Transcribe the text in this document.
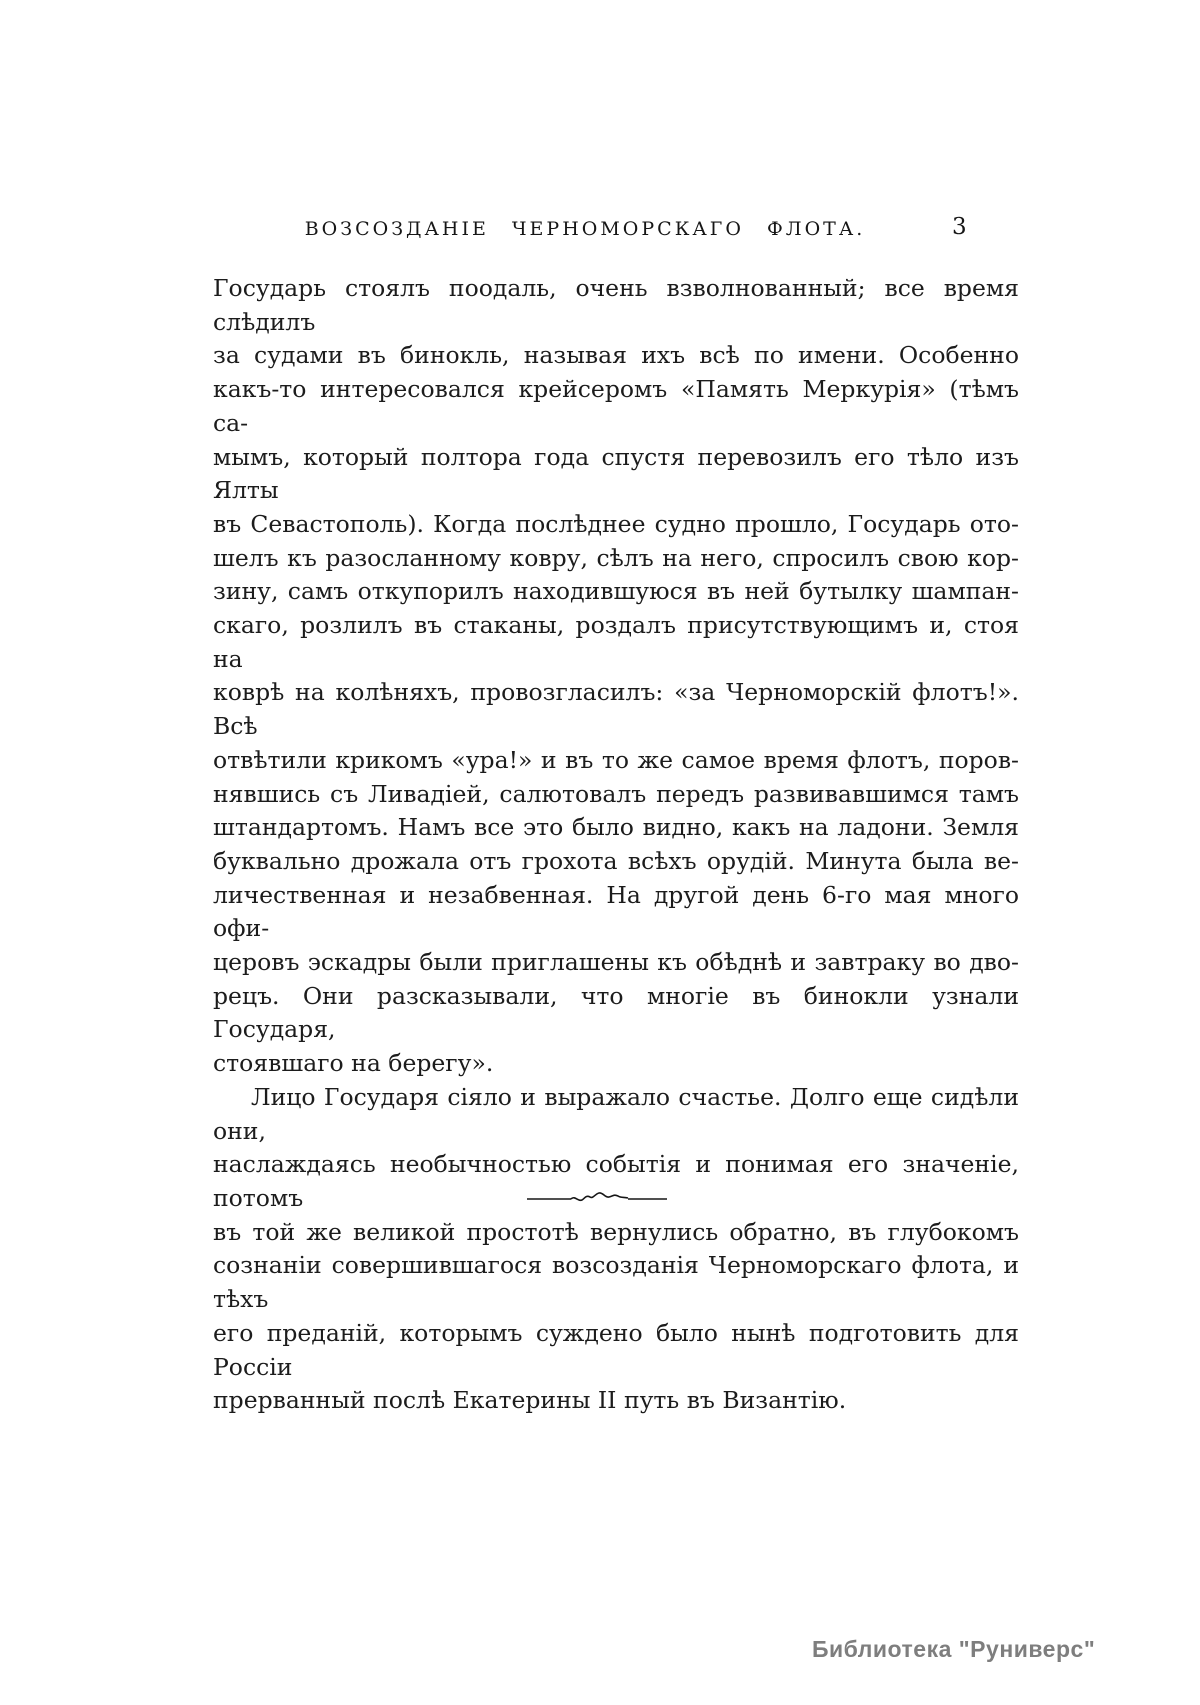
ВОЗСОЗДАНІЕ ЧЕРНОМОРСКАГО ФЛОТА.	3
Государь стоялъ поодаль, очень взволнованный; все время слѣдилъ
за судами въ бинокль, называя ихъ всѣ по имени. Особенно
какъ-то интересовался крейсеромъ «Память Меркурія» (тѣмъ са-
мымъ, который полтора года спустя перевозилъ его тѣло изъ Ялты
въ Севастополь). Когда послѣднее судно прошло, Государь ото-
шелъ къ разосланному ковру, сѣлъ на него, спросилъ свою кор-
зину, самъ откупорилъ находившуюся въ ней бутылку шампан-
скаго, розлилъ въ стаканы, роздалъ присутствующимъ и, стоя на
коврѣ на колѣняхъ, провозгласилъ: «за Черноморскій флотъ!». Всѣ
отвѣтили крикомъ «ура!» и въ то же самое время флотъ, поров-
нявшись съ Ливадіей, салютовалъ передъ развивавшимся тамъ
штандартомъ. Намъ все это было видно, какъ на ладони. Земля
буквально дрожала отъ грохота всѣхъ орудій. Минута была ве-
личественная и незабвенная. На другой день 6-го мая много офи-
церовъ эскадры были приглашены къ обѣднѣ и завтраку во дво-
рецъ. Они разсказывали, что многіе въ бинокли узнали Государя,
стоявшаго на берегу».
Лицо Государя сіяло и выражало счастье. Долго еще сидѣли они,
наслаждаясь необычностью событія и понимая его значеніе, потомъ
въ той же великой простотѣ вернулись обратно, въ глубокомъ
сознаніи совершившагося возсозданія Черноморскаго флота, и тѣхъ
его преданій, которымъ суждено было нынѣ подготовить для Россіи
прерванный послѣ Екатерины II путь въ Византію.
Библиотека "Руниверс"
